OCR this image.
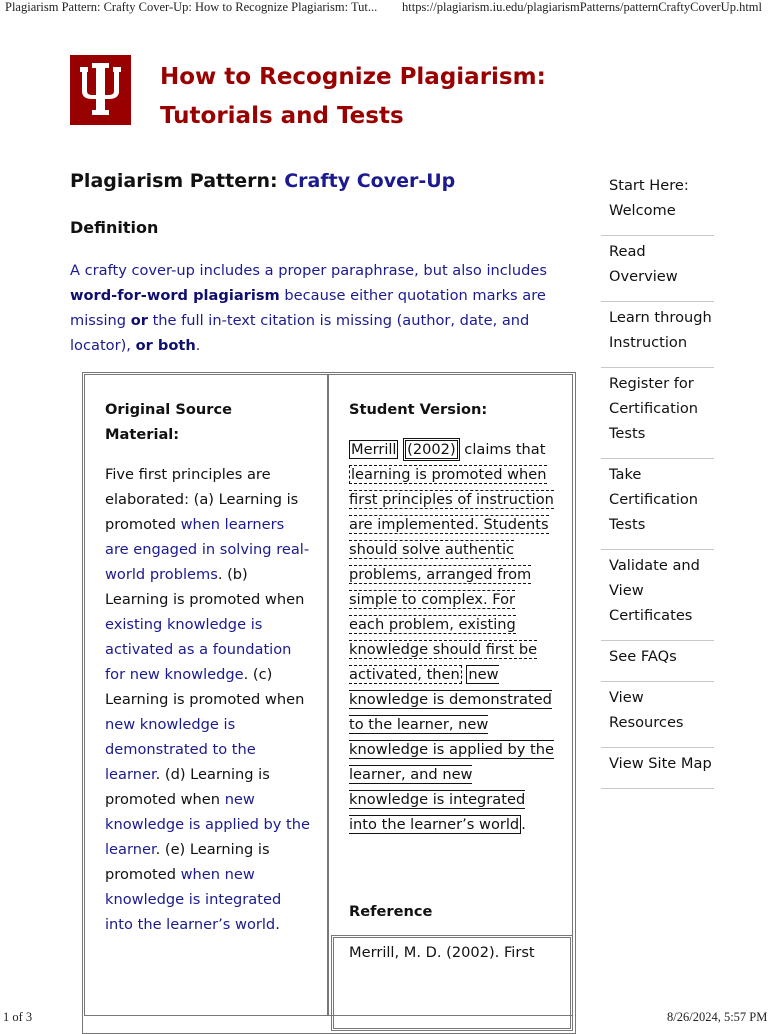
Plagiarism Pattern: Crafty Cover-Up: How to Recognize Plagiarism: Tut... https://plagiarism.iu.edu/plagiarismPatterns/patternCraftyCoverUp.html
1 of 3	8/26/2024, 5:57 PM
How to Recognize Plagiarism:
Tutorials and Tests
Plagiarism Pattern: Crafty Cover-Up
Definition
A crafty cover-up includes a proper paraphrase, but also includes word-for-word plagiarism because either quotation marks are missing or the full in-text citation is missing (author, date, and locator), or both.
Original Source Material:
Five first principles are elaborated: (a) Learning is promoted when learners are engaged in solving real-world problems. (b) Learning is promoted when existing knowledge is activated as a foundation for new knowledge. (c) Learning is promoted when new knowledge is demonstrated to the learner. (d) Learning is promoted when new knowledge is applied by the learner. (e) Learning is promoted when new knowledge is integrated into the learner’s world.
Student Version:
Merrill (2002) claims that learning is promoted when first principles of instruction are implemented. Students should solve authentic problems, arranged from simple to complex. For each problem, existing knowledge should first be activated, then new knowledge is demonstrated to the learner, new knowledge is applied by the learner, and new knowledge is integrated into the learner’s world .
Reference
Merrill, M. D. (2002). First
Start Here: Welcome
Read Overview
Learn through Instruction
Register for Certification Tests
Take Certification Tests
Validate and View Certificates
See FAQs
View Resources
View Site Map
